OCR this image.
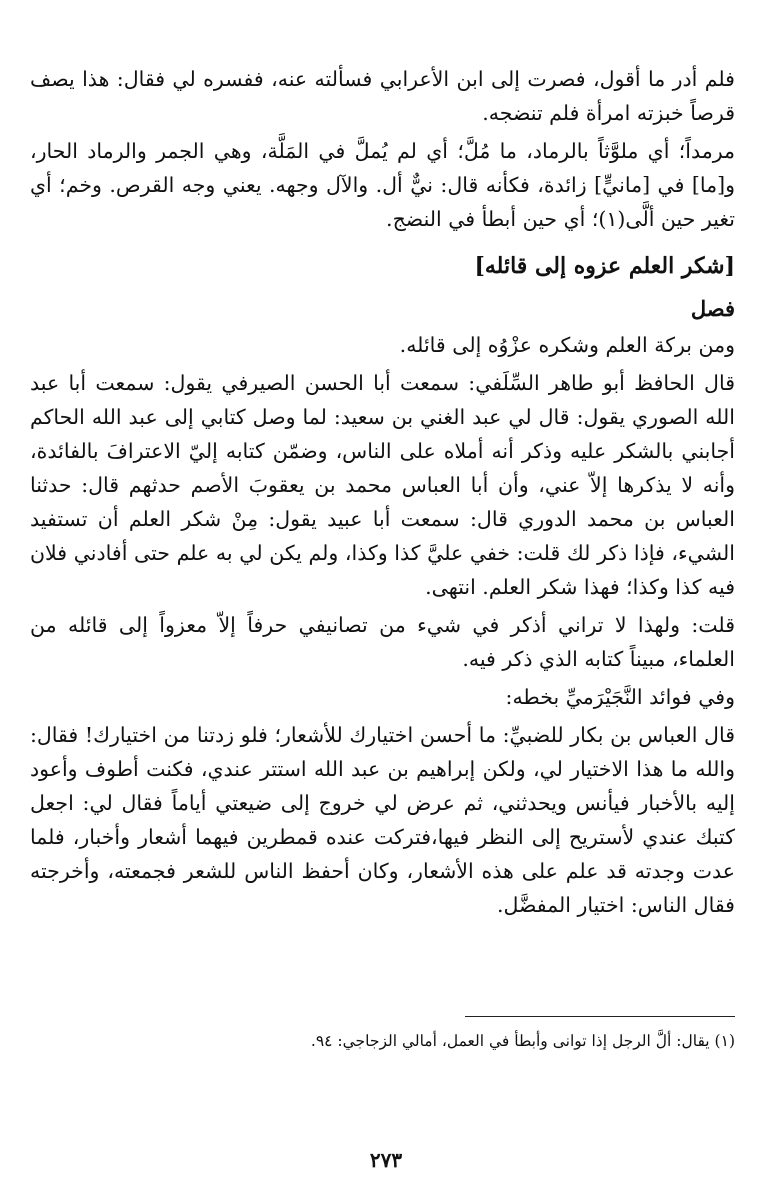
فلم أدر ما أقول، فصرت إلى ابن الأعرابي فسألته عنه، ففسره لي فقال: هذا يصف قرصاً خبزته امرأة فلم تنضجه.

مرمداً؛ أي ملوَّثاً بالرماد، ما مُلَّ؛ أي لم يُملَّ في المَلَّة، وهي الجمر والرماد الحار، و[ما] في [مانيٍّ] زائدة، فكأنه قال: نيٌّ أل. والآل وجهه. يعني وجه القرص. وخم؛ أي تغير حين ألَّى(١)؛ أي حين أبطأ في النضج.

[شكر العلم عزوه إلى قائله]
فصل

ومن بركة العلم وشكره عزْوُه إلى قائله.

قال الحافظ أبو طاهر السِّلَفي: سمعت أبا الحسن الصيرفي يقول: سمعت أبا عبد الله الصوري يقول: قال لي عبد الغني بن سعيد: لما وصل كتابي إلى عبد الله الحاكم أجابني بالشكر عليه وذكر أنه أملاه على الناس، وضمّن كتابه إليّ الاعترافَ بالفائدة، وأنه لا يذكرها إلاّ عني، وأن أبا العباس محمد بن يعقوبَ الأصم حدثهم قال: حدثنا العباس بن محمد الدوري قال: سمعت أبا عبيد يقول: مِنْ شكر العلم أن تستفيد الشيء، فإذا ذكر لك قلت: خفي عليَّ كذا وكذا، ولم يكن لي به علم حتى أفادني فلان فيه كذا وكذا؛ فهذا شكر العلم. انتهى.

قلت: ولهذا لا تراني أذكر في شيء من تصانيفي حرفاً إلاّ معزواً إلى قائله من العلماء، مبيناً كتابه الذي ذكر فيه.

وفي فوائد النَّجَيْرَميِّ بخطه:

قال العباس بن بكار للضبيِّ: ما أحسن اختيارك للأشعار؛ فلو زدتنا من اختيارك! فقال: والله ما هذا الاختيار لي، ولكن إبراهيم بن عبد الله استتر عندي، فكنت أطوف وأعود إليه بالأخبار فيأنس ويحدثني، ثم عرض لي خروج إلى ضيعتي أياماً فقال لي: اجعل كتبك عندي لأستريح إلى النظر فيها،فتركت عنده قمطرين فيهما أشعار وأخبار، فلما عدت وجدته قد علم على هذه الأشعار، وكان أحفظ الناس للشعر فجمعته، وأخرجته فقال الناس: اختيار المفضَّل.

(١) يقال: ألَّ الرجل إذا توانى وأبطأ في العمل، أمالي الزجاجي: ٩٤.
٢٧٣
